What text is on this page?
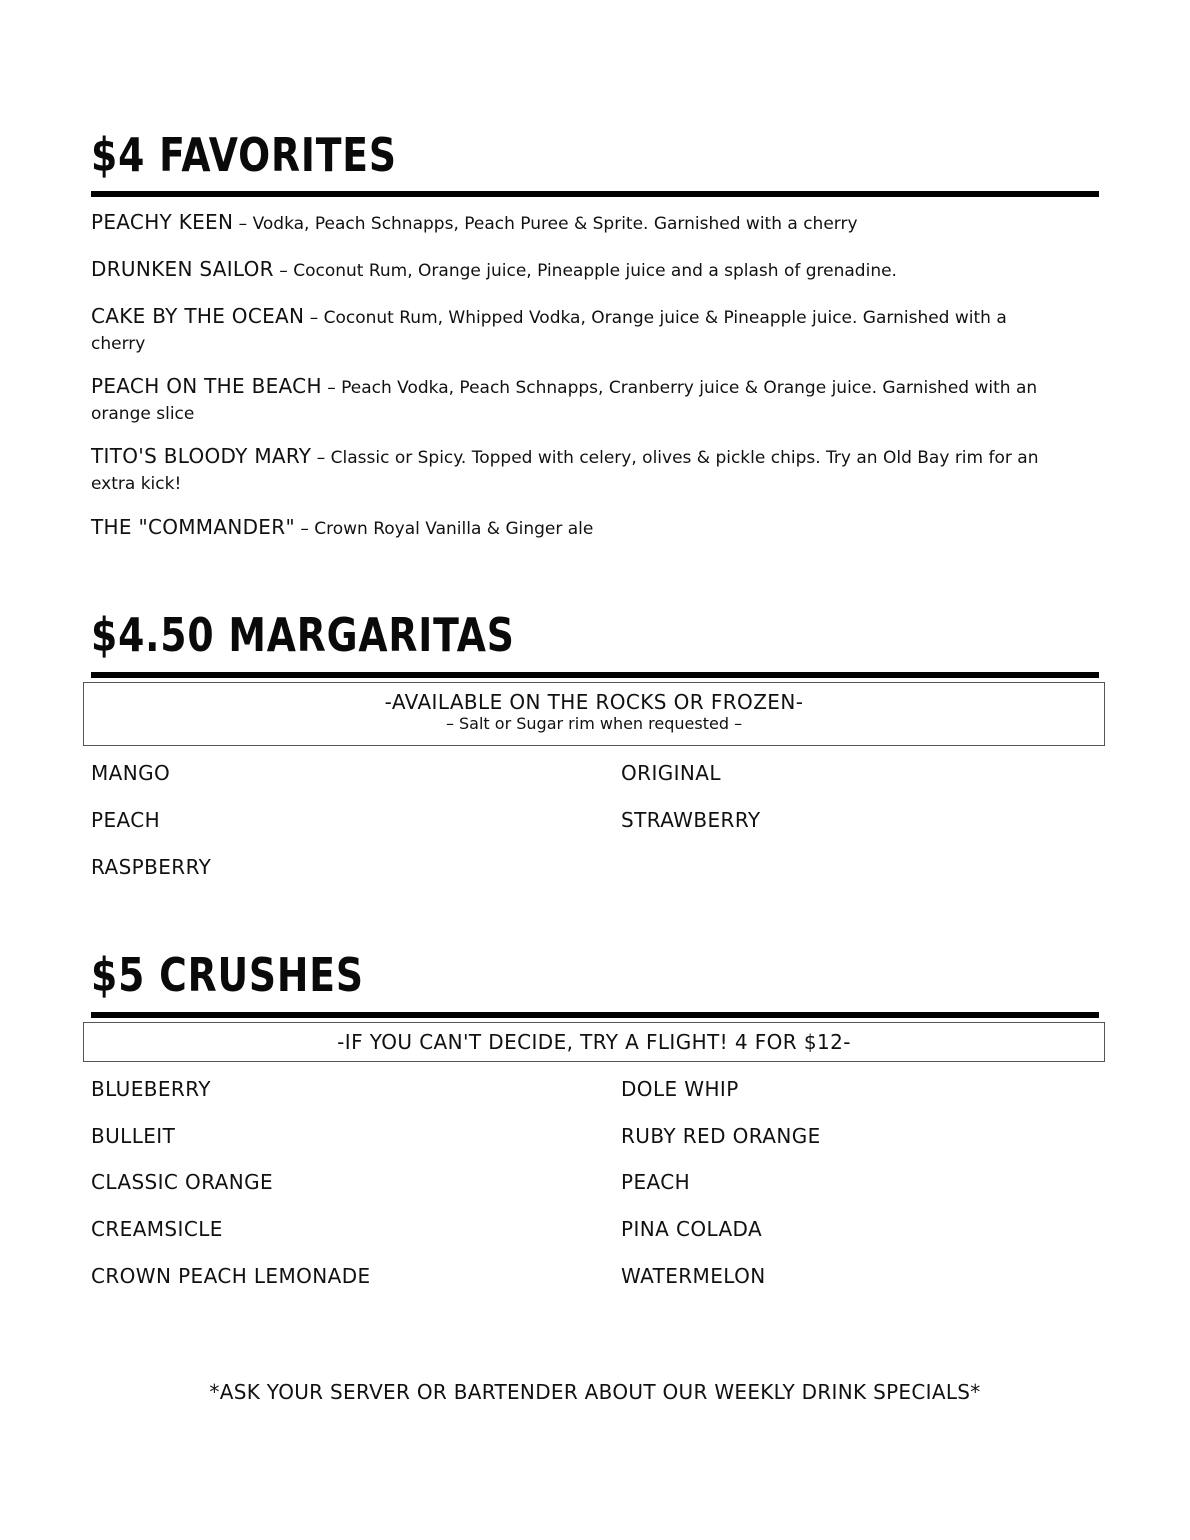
$4 FAVORITES

PEACHY KEEN – Vodka, Peach Schnapps, Peach Puree & Sprite. Garnished with a cherry

DRUNKEN SAILOR – Coconut Rum, Orange juice, Pineapple juice and a splash of grenadine.

CAKE BY THE OCEAN – Coconut Rum, Whipped Vodka, Orange juice & Pineapple juice. Garnished with a cherry

PEACH ON THE BEACH – Peach Vodka, Peach Schnapps, Cranberry juice & Orange juice. Garnished with an orange slice

TITO'S BLOODY MARY – Classic or Spicy. Topped with celery, olives & pickle chips. Try an Old Bay rim for an extra kick!

THE "COMMANDER" – Crown Royal Vanilla & Ginger ale

$4.50 MARGARITAS
-AVAILABLE ON THE ROCKS OR FROZEN-
– Salt or Sugar rim when requested –
MANGO
PEACH
RASPBERRY
ORIGINAL
STRAWBERRY
$5 CRUSHES
-IF YOU CAN'T DECIDE, TRY A FLIGHT! 4 FOR $12-
BLUEBERRY
BULLEIT
CLASSIC ORANGE
CREAMSICLE
CROWN PEACH LEMONADE
DOLE WHIP
RUBY RED ORANGE
PEACH
PINA COLADA
WATERMELON
*ASK YOUR SERVER OR BARTENDER ABOUT OUR WEEKLY DRINK SPECIALS*
